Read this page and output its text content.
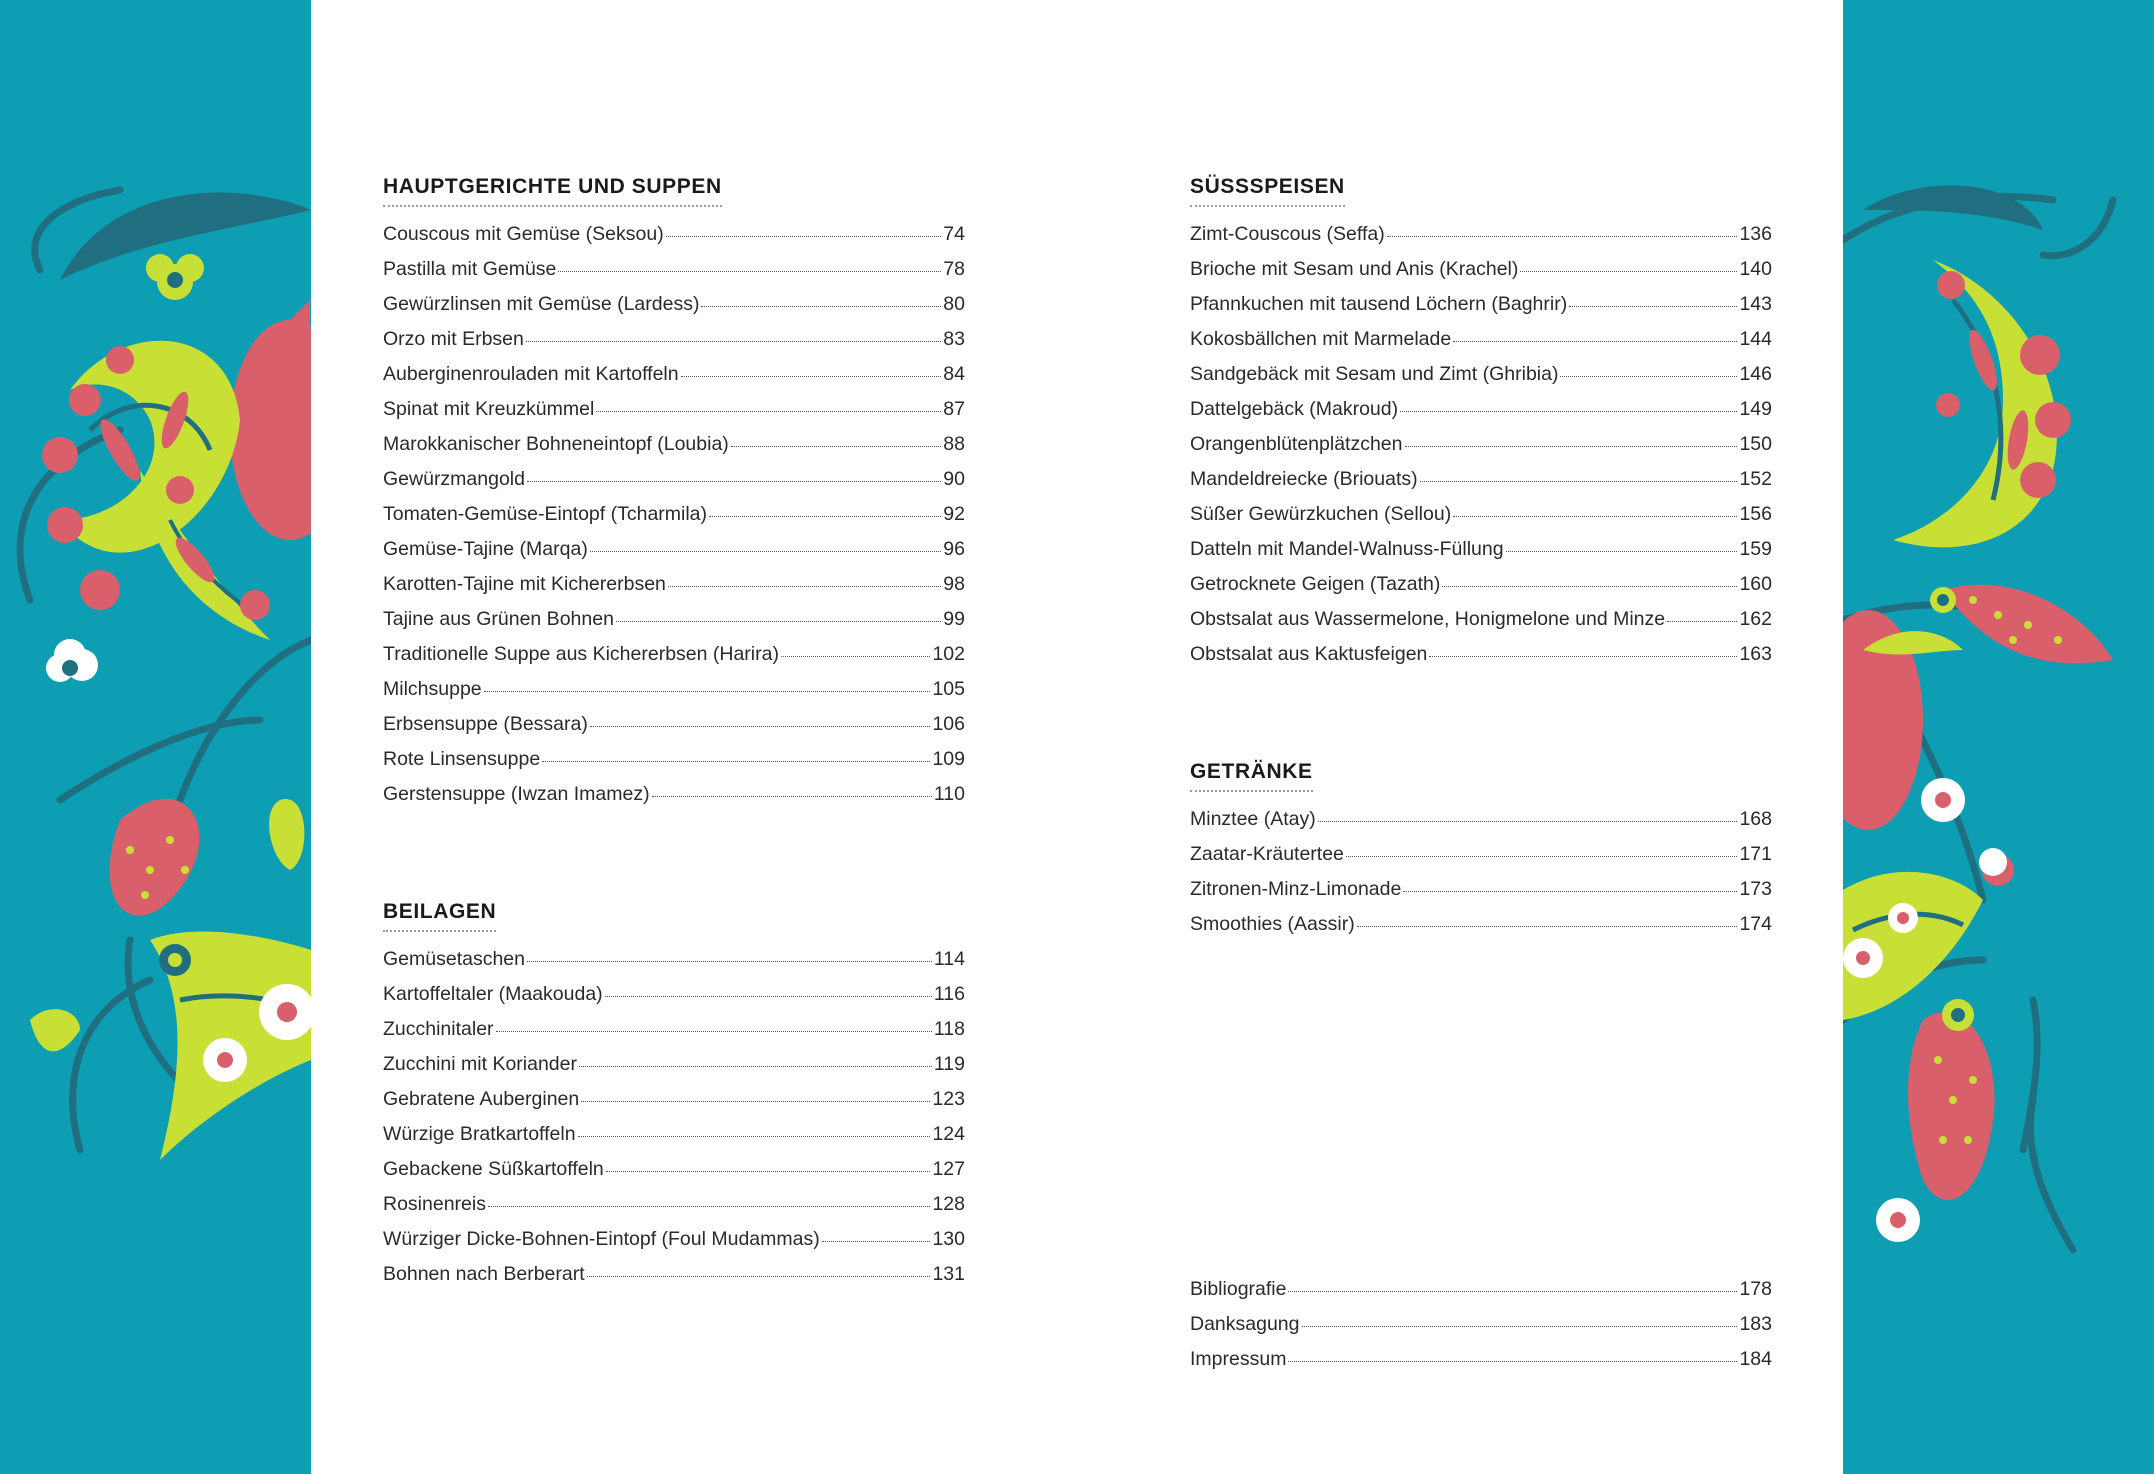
HAUPTGERICHTE UND SUPPEN
Couscous mit Gemüse (Seksou)	74
Pastilla mit Gemüse	78
Gewürzlinsen mit Gemüse (Lardess)	80
Orzo mit Erbsen	83
Auberginenrouladen mit Kartoffeln	84
Spinat mit Kreuzkümmel	87
Marokkanischer Bohneneintopf (Loubia)	88
Gewürzmangold	90
Tomaten-Gemüse-Eintopf (Tcharmila)	92
Gemüse-Tajine (Marqa)	96
Karotten-Tajine mit Kichererbsen	98
Tajine aus Grünen Bohnen	99
Traditionelle Suppe aus Kichererbsen (Harira)	102
Milchsuppe	105
Erbsensuppe (Bessara)	106
Rote Linsensuppe	109
Gerstensuppe (Iwzan Imamez)	110
BEILAGEN
Gemüsetaschen	114
Kartoffeltaler (Maakouda)	116
Zucchinitaler	118
Zucchini mit Koriander	119
Gebratene Auberginen	123
Würzige Bratkartoffeln	124
Gebackene Süßkartoffeln	127
Rosinenreis	128
Würziger Dicke-Bohnen-Eintopf (Foul Mudammas)	130
Bohnen nach Berberart	131
SÜSSSPEISEN
Zimt-Couscous (Seffa)	136
Brioche mit Sesam und Anis (Krachel)	140
Pfannkuchen mit tausend Löchern (Baghrir)	143
Kokosbällchen mit Marmelade	144
Sandgebäck mit Sesam und Zimt (Ghribia)	146
Dattelgebäck (Makroud)	149
Orangenblütenplätzchen	150
Mandeldreiecke (Briouats)	152
Süßer Gewürzkuchen (Sellou)	156
Datteln mit Mandel-Walnuss-Füllung	159
Getrocknete Geigen (Tazath)	160
Obstsalat aus Wassermelone, Honigmelone und Minze	162
Obstsalat aus Kaktusfeigen	163
GETRÄNKE
Minztee (Atay)	168
Zaatar-Kräutertee	171
Zitronen-Minz-Limonade	173
Smoothies (Aassir)	174
Bibliografie	178
Danksagung	183
Impressum	184
